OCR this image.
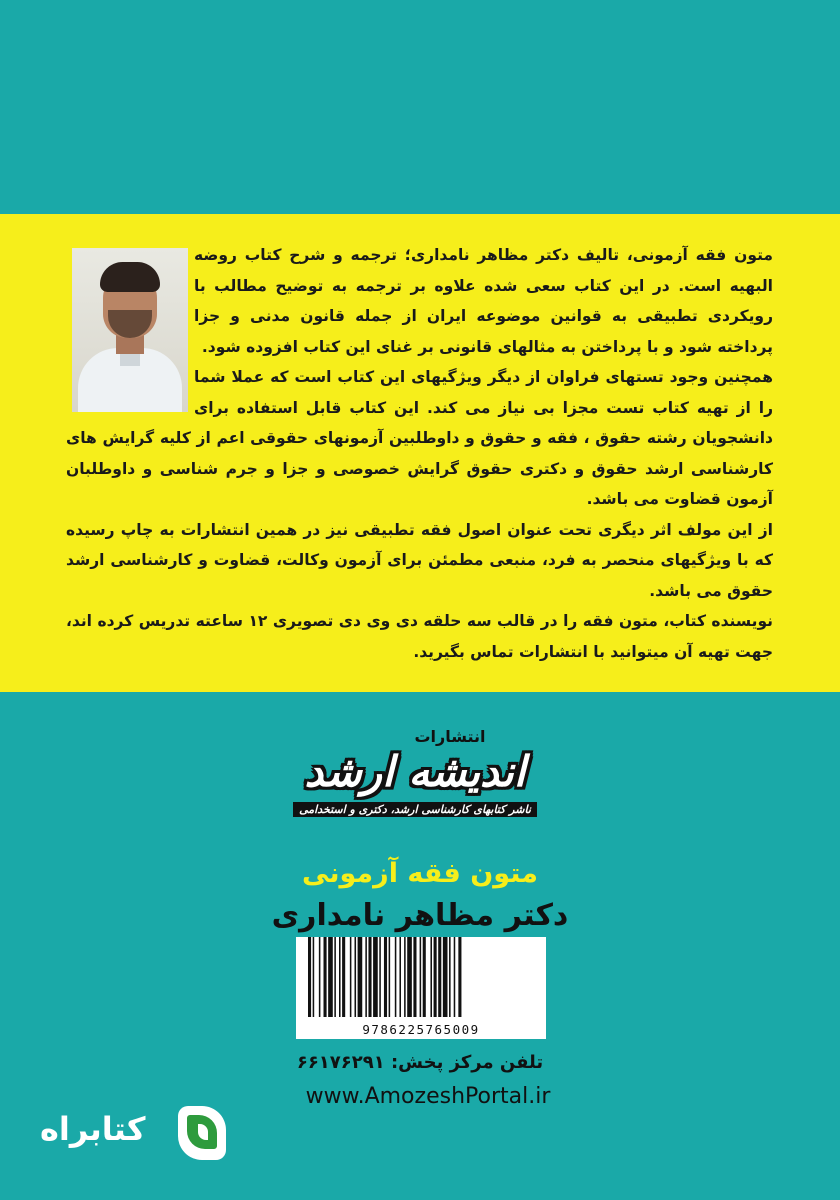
متون فقه آزمونی، تالیف دکتر مظاهر نامداری؛ ترجمه و شرح کتاب روضه البهیه است. در این کتاب سعی شده علاوه بر ترجمه به توضیح مطالب با رویکردی تطبیقی به قوانین موضوعه ایران از جمله قانون مدنی و جزا پرداخته شود و با پرداختن به مثالهای قانونی بر غنای این کتاب افزوده شود.

همچنین وجود تستهای فراوان از دیگر ویژگیهای این کتاب است که عملا شما را از تهیه کتاب تست مجزا بی نیاز می کند. این کتاب قابل استفاده برای دانشجویان رشته حقوق ، فقه و حقوق و داوطلبین آزمونهای حقوقی اعم از کلیه گرایش های کارشناسی ارشد حقوق و دکتری حقوق گرایش خصوصی و جزا و جرم شناسی و داوطلبان آزمون قضاوت می باشد.

از این مولف اثر دیگری تحت عنوان اصول فقه تطبیقی نیز در همین انتشارات به چاپ رسیده که با ویژگیهای منحصر به فرد، منبعی مطمئن برای آزمون وکالت، قضاوت و کارشناسی ارشد حقوق می باشد.

نویسنده کتاب، متون فقه را در قالب سه حلقه دی وی دی تصویری ۱۲ ساعته تدریس کرده اند، جهت تهیه آن میتوانید با انتشارات تماس بگیرید.

انتشارات
اندیشه ارشد
ناشر کتابهای کارشناسی ارشد، دکتری و استخدامی
متون فقه آزمونی
دکتر مظاهر نامداری
9786225765009
تلفن مرکز پخش: ۶۶۱۷۶۲۹۱
www.AmozeshPortal.ir
کتابراه
